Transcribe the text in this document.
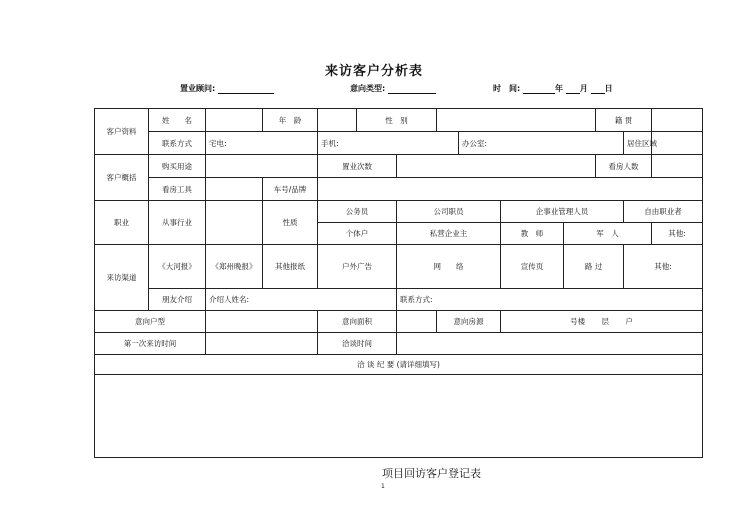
来访客户分析表
置业顾问:	意向类型:	时　间:	年 月 日
客户资料	姓　　名		年　龄		性　别						籍 贯		
	联系方式	宅电:		手机:				办公室:				居住区域	
客户概括	购买用途			置业次数							看房人数		
	看房工具		车号/品牌										
职业	从事行业		性质	公务员		公司职员			企事业管理人员			自由职业者	
				个体户		私营企业主			教　师	军　人			其他:
来访渠道	《大河报》	《郑州晚报》	其他报纸	户外广告		网　　络			宣传页	路 过		其他:	
	朋友介绍	介绍人姓名:				联系方式:							
意向户型				意向面积			意向房源		号楼 层 户				
第一次来访时间				洽谈时间									
洽 谈 纪 要 (请详细填写)													

项目回访客户登记表
1
